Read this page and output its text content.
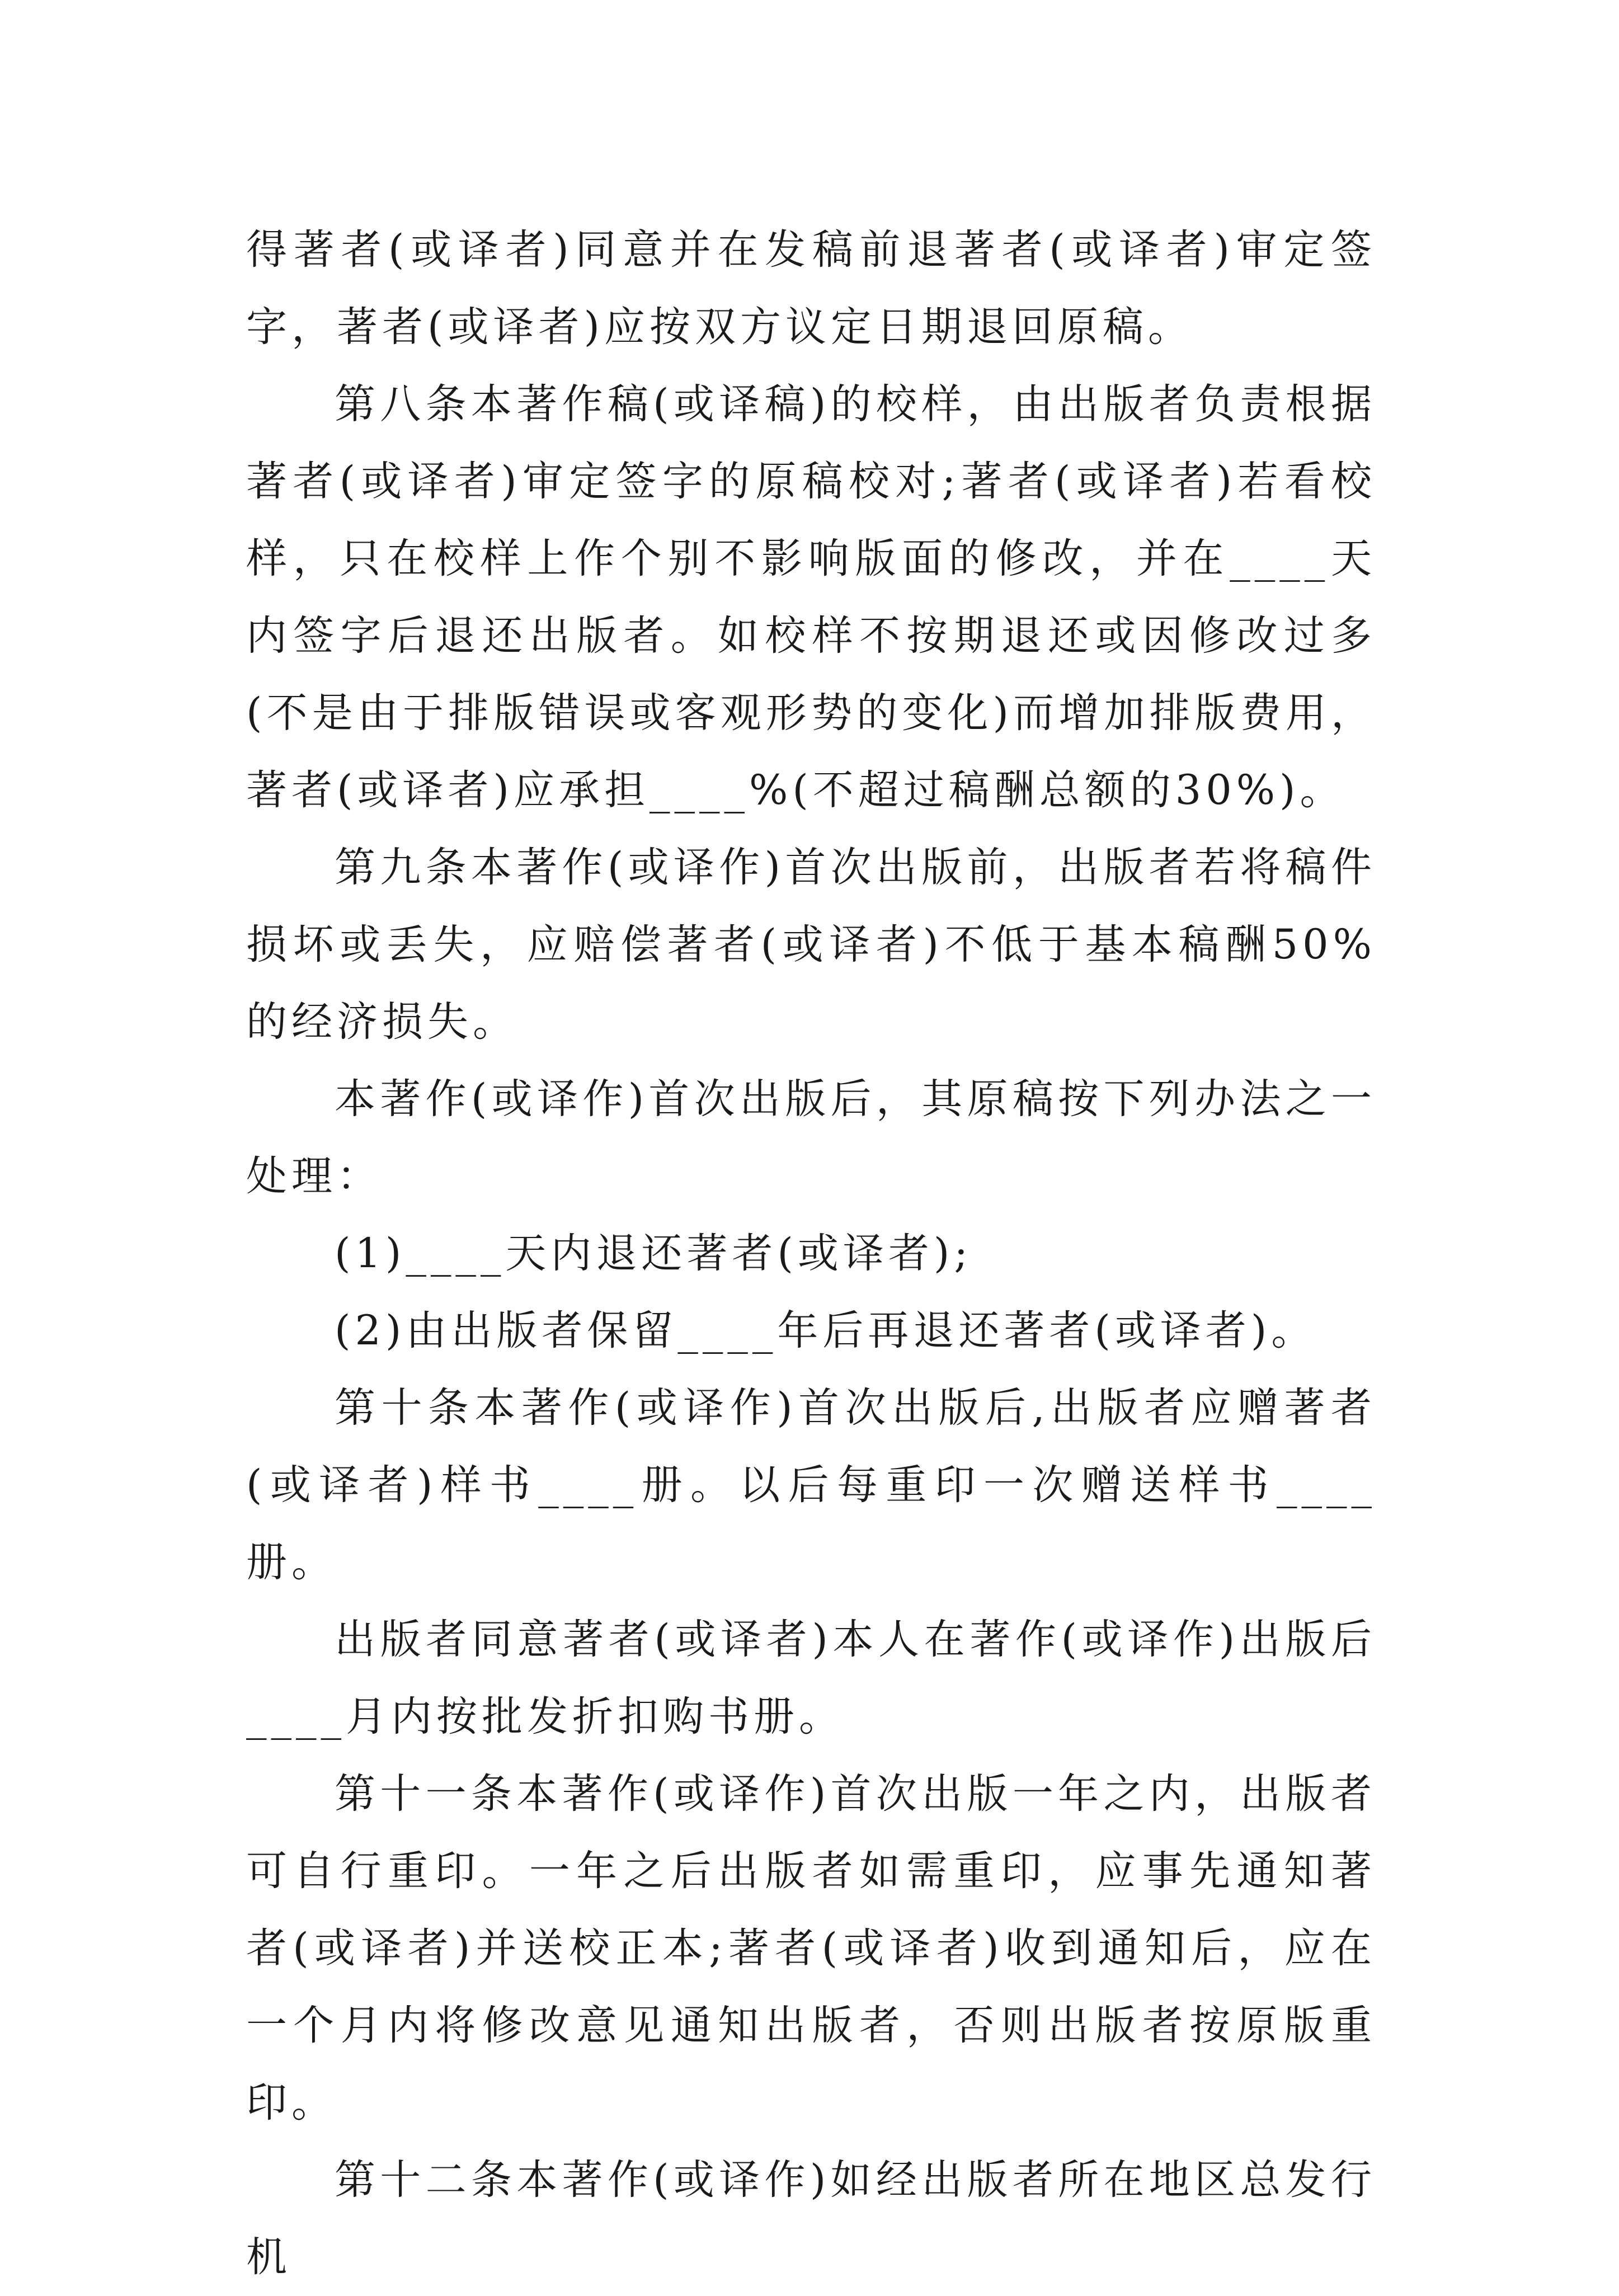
得著者(或译者)同意并在发稿前退著者(或译者)审定签字，著者(或译者)应按双方议定日期退回原稿。

第八条本著作稿(或译稿)的校样，由出版者负责根据著者(或译者)审定签字的原稿校对;著者(或译者)若看校样，只在校样上作个别不影响版面的修改，并在____天内签字后退还出版者。如校样不按期退还或因修改过多(不是由于排版错误或客观形势的变化)而增加排版费用，著者(或译者)应承担____%(不超过稿酬总额的30%)。

第九条本著作(或译作)首次出版前，出版者若将稿件损坏或丢失，应赔偿著者(或译者)不低于基本稿酬50%的经济损失。

本著作(或译作)首次出版后，其原稿按下列办法之一处理：

(1)____天内退还著者(或译者);

(2)由出版者保留____年后再退还著者(或译者)。

第十条本著作(或译作)首次出版后,出版者应赠著者(或译者)样书____册。以后每重印一次赠送样书____册。

出版者同意著者(或译者)本人在著作(或译作)出版后____月内按批发折扣购书册。

第十一条本著作(或译作)首次出版一年之内，出版者可自行重印。一年之后出版者如需重印，应事先通知著者(或译者)并送校正本;著者(或译者)收到通知后，应在一个月内将修改意见通知出版者，否则出版者按原版重印。

第十二条本著作(或译作)如经出版者所在地区总发行机
